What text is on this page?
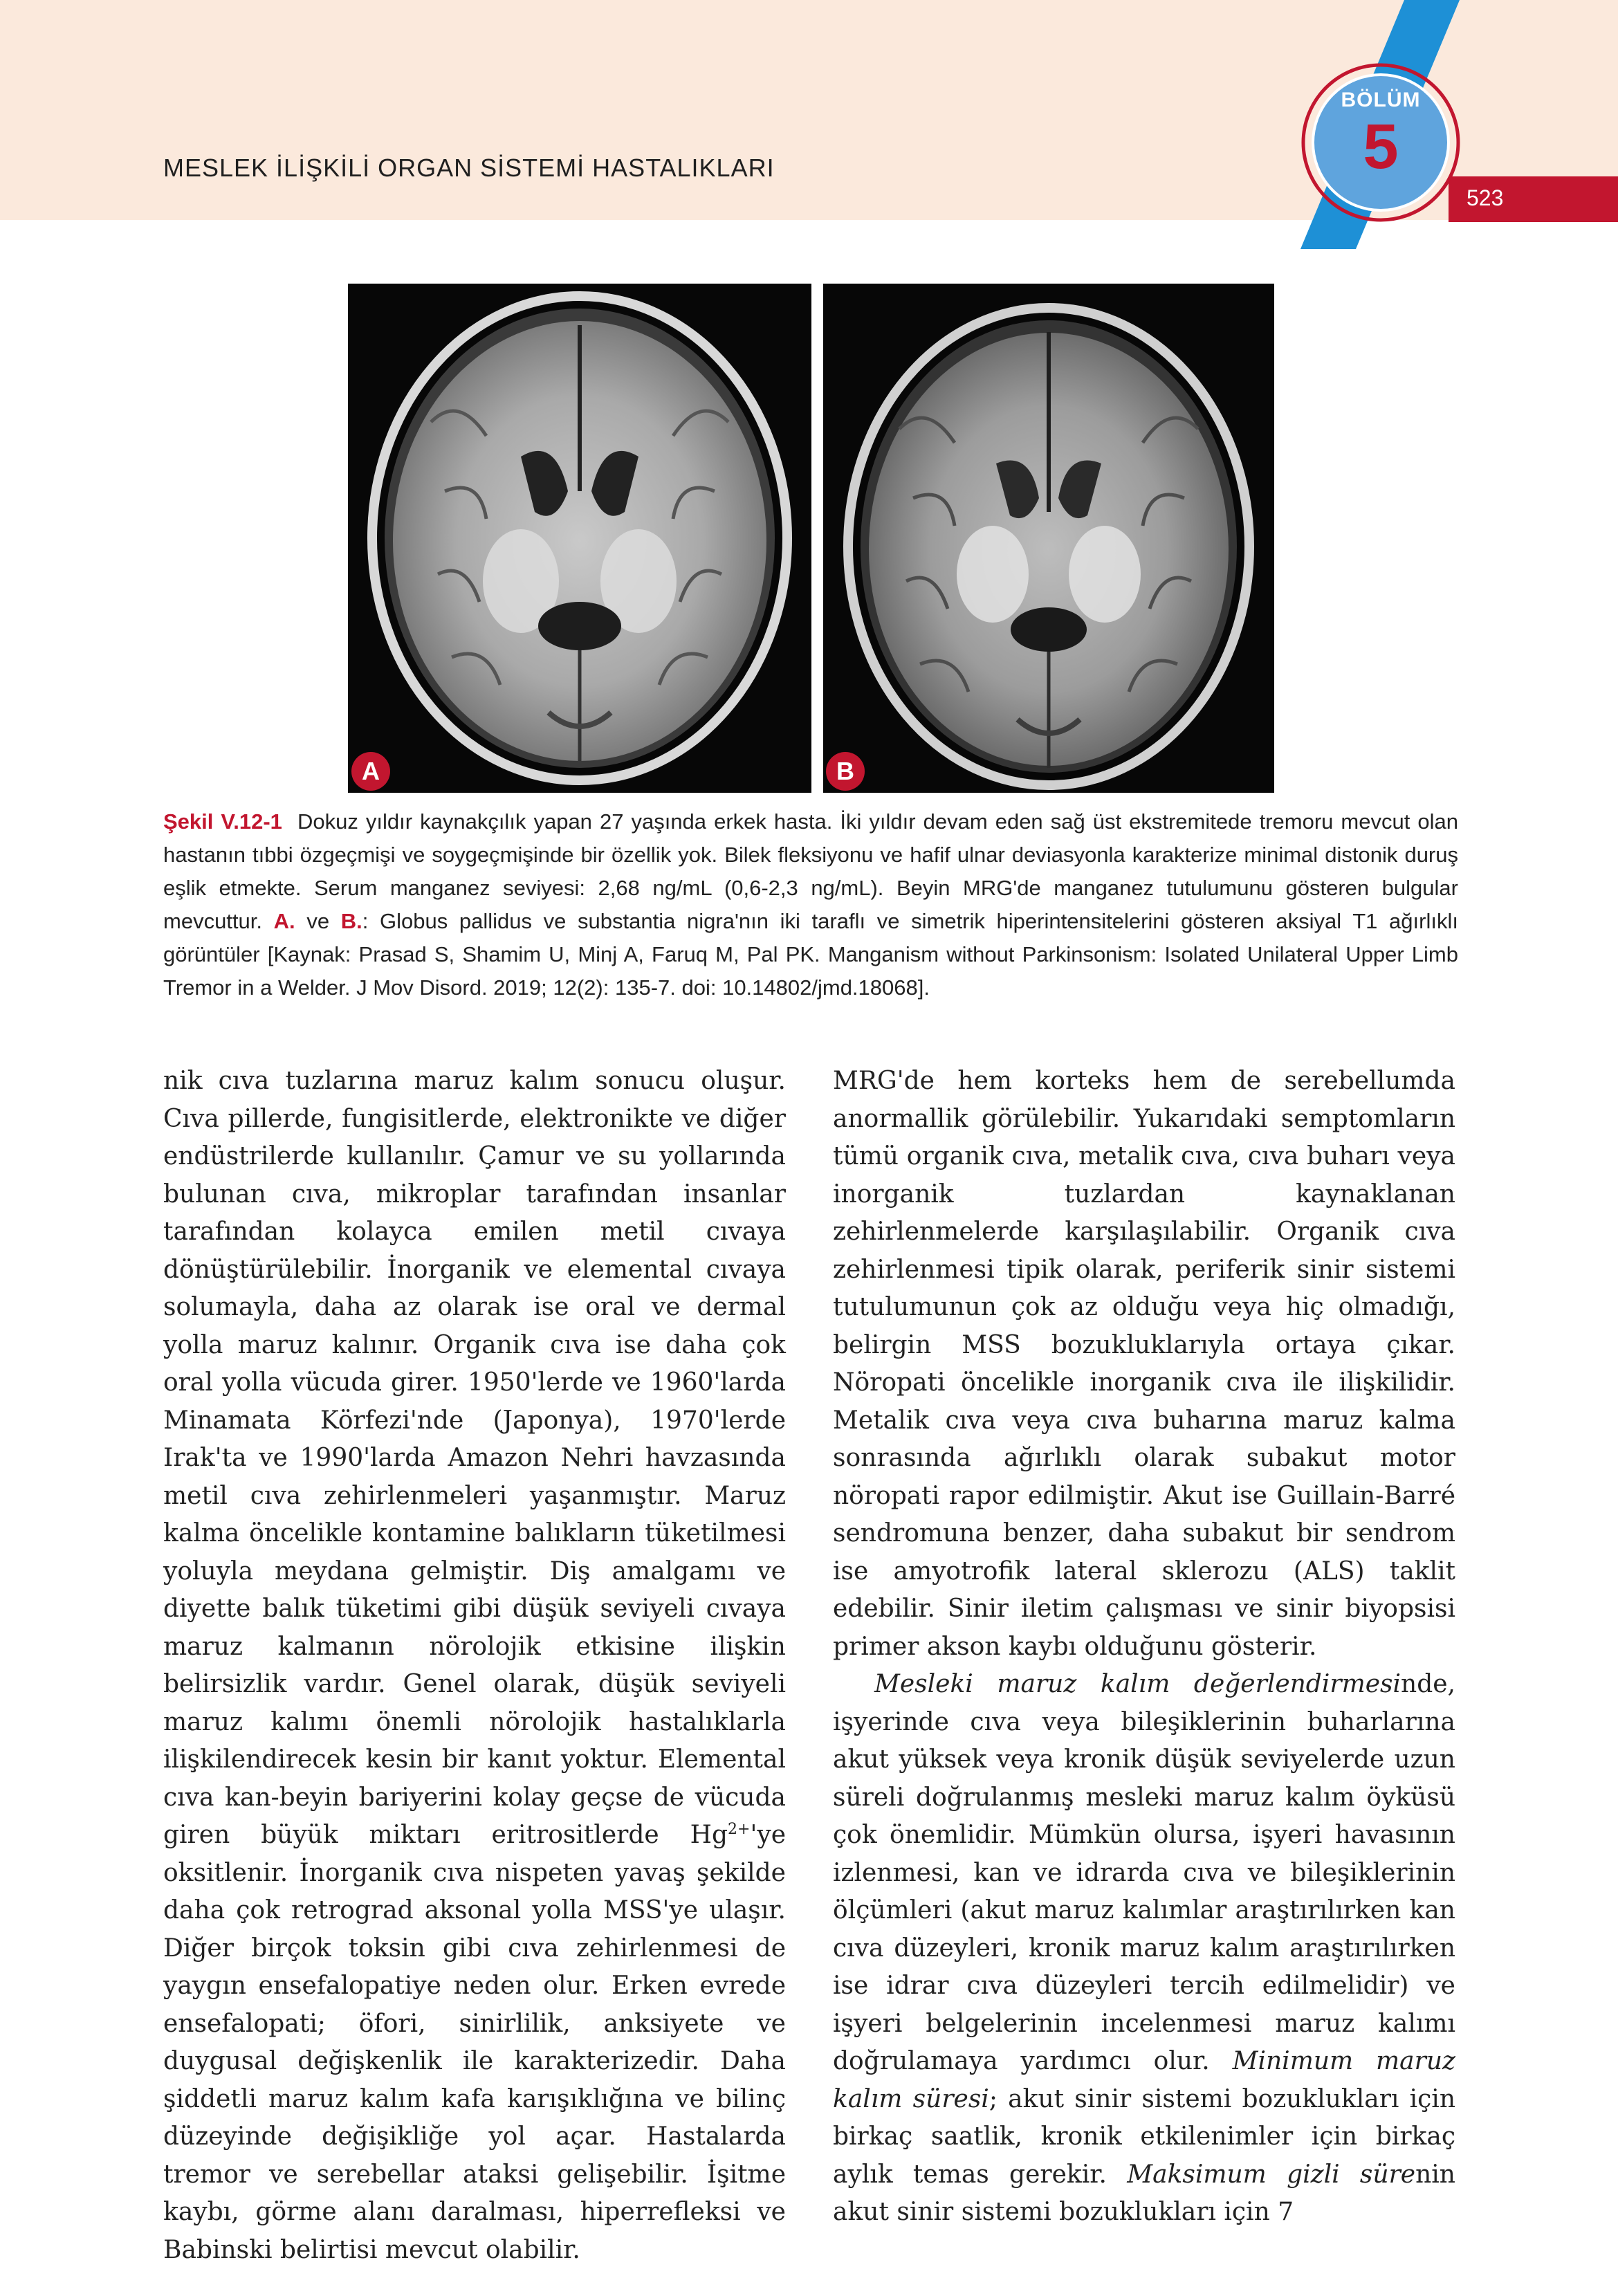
MESLEK İLİŞKİLİ ORGAN SİSTEMİ HASTALIKLARI
523
BÖLÜM
5
A	B
Şekil V.12-1 Dokuz yıldır kaynakçılık yapan 27 yaşında erkek hasta. İki yıldır devam eden sağ üst ekstremitede tremoru mevcut olan hastanın tıbbi özgeçmişi ve soygeçmişinde bir özellik yok. Bilek fleksiyonu ve hafif ulnar deviasyonla karakterize minimal distonik duruş eşlik etmekte. Serum manganez seviyesi: 2,68 ng/mL (0,6-2,3 ng/mL). Beyin MRG'de manganez tutulumunu gösteren bulgular mevcuttur. A. ve B.: Globus pallidus ve substantia nigra'nın iki taraflı ve simetrik hiperintensitelerini gösteren aksiyal T1 ağırlıklı görüntüler [Kaynak: Prasad S, Shamim U, Minj A, Faruq M, Pal PK. Manganism without Parkinsonism: Isolated Unilateral Upper Limb Tremor in a Welder. J Mov Disord. 2019; 12(2): 135-7. doi: 10.14802/jmd.18068].

nik cıva tuzlarına maruz kalım sonucu oluşur. Cıva pillerde, fungisitlerde, elektronikte ve diğer endüstrilerde kullanılır. Çamur ve su yollarında bulunan cıva, mikroplar tarafından insanlar tarafından kolayca emilen metil cıvaya dönüştürülebilir. İnorganik ve elemental cıvaya solumayla, daha az olarak ise oral ve dermal yolla maruz kalınır. Organik cıva ise daha çok oral yolla vücuda girer. 1950'lerde ve 1960'larda Minamata Körfezi'nde (Japonya), 1970'lerde Irak'ta ve 1990'larda Amazon Nehri havzasında metil cıva zehirlenmeleri yaşanmıştır. Maruz kalma öncelikle kontamine balıkların tüketilmesi yoluyla meydana gelmiştir. Diş amalgamı ve diyette balık tüketimi gibi düşük seviyeli cıvaya maruz kalmanın nörolojik etkisine ilişkin belirsizlik vardır. Genel olarak, düşük seviyeli maruz kalımı önemli nörolojik hastalıklarla ilişkilendirecek kesin bir kanıt yoktur. Elemental cıva kan-beyin bariyerini kolay geçse de vücuda giren büyük miktarı eritrositlerde $Hg^{2+}'ye$ oksitlenir. İnorganik cıva nispeten yavaş şekilde daha çok retrograd aksonal yolla MSS'ye ulaşır. Diğer birçok toksin gibi cıva zehirlenmesi de yaygın ensefalopatiye neden olur. Erken evrede ensefalopati; öfori, sinirlilik, anksiyete ve duygusal değişkenlik ile karakterizedir. Daha şiddetli maruz kalım kafa karışıklığına ve bilinç düzeyinde değişikliğe yol açar. Hastalarda tremor ve serebellar ataksi gelişebilir. İşitme kaybı, görme alanı daralması, hiperrefleksi ve Babinski belirtisi mevcut olabilir.

MRG'de hem korteks hem de serebellumda anormallik görülebilir. Yukarıdaki semptomların tümü organik cıva, metalik cıva, cıva buharı veya inorganik tuzlardan kaynaklanan zehirlenmelerde karşılaşılabilir. Organik cıva zehirlenmesi tipik olarak, periferik sinir sistemi tutulumunun çok az olduğu veya hiç olmadığı, belirgin MSS bozukluklarıyla ortaya çıkar. Nöropati öncelikle inorganik cıva ile ilişkilidir. Metalik cıva veya cıva buharına maruz kalma sonrasında ağırlıklı olarak subakut motor nöropati rapor edilmiştir. Akut ise Guillain-Barré sendromuna benzer, daha subakut bir sendrom ise amyotrofik lateral sklerozu (ALS) taklit edebilir. Sinir iletim çalışması ve sinir biyopsisi primer akson kaybı olduğunu gösterir.

Mesleki maruz kalım değerlendirmesinde, işyerinde cıva veya bileşiklerinin buharlarına akut yüksek veya kronik düşük seviyelerde uzun süreli doğrulanmış mesleki maruz kalım öyküsü çok önemlidir. Mümkün olursa, işyeri havasının izlenmesi, kan ve idrarda cıva ve bileşiklerinin ölçümleri (akut maruz kalımlar araştırılırken kan cıva düzeyleri, kronik maruz kalım araştırılırken ise idrar cıva düzeyleri tercih edilmelidir) ve işyeri belgelerinin incelenmesi maruz kalımı doğrulamaya yardımcı olur. Minimum maruz kalım süresi; akut sinir sistemi bozuklukları için birkaç saatlik, kronik etkilenimler için birkaç aylık temas gerekir. Maksimum gizli sürenin akut sinir sistemi bozuklukları için 7
